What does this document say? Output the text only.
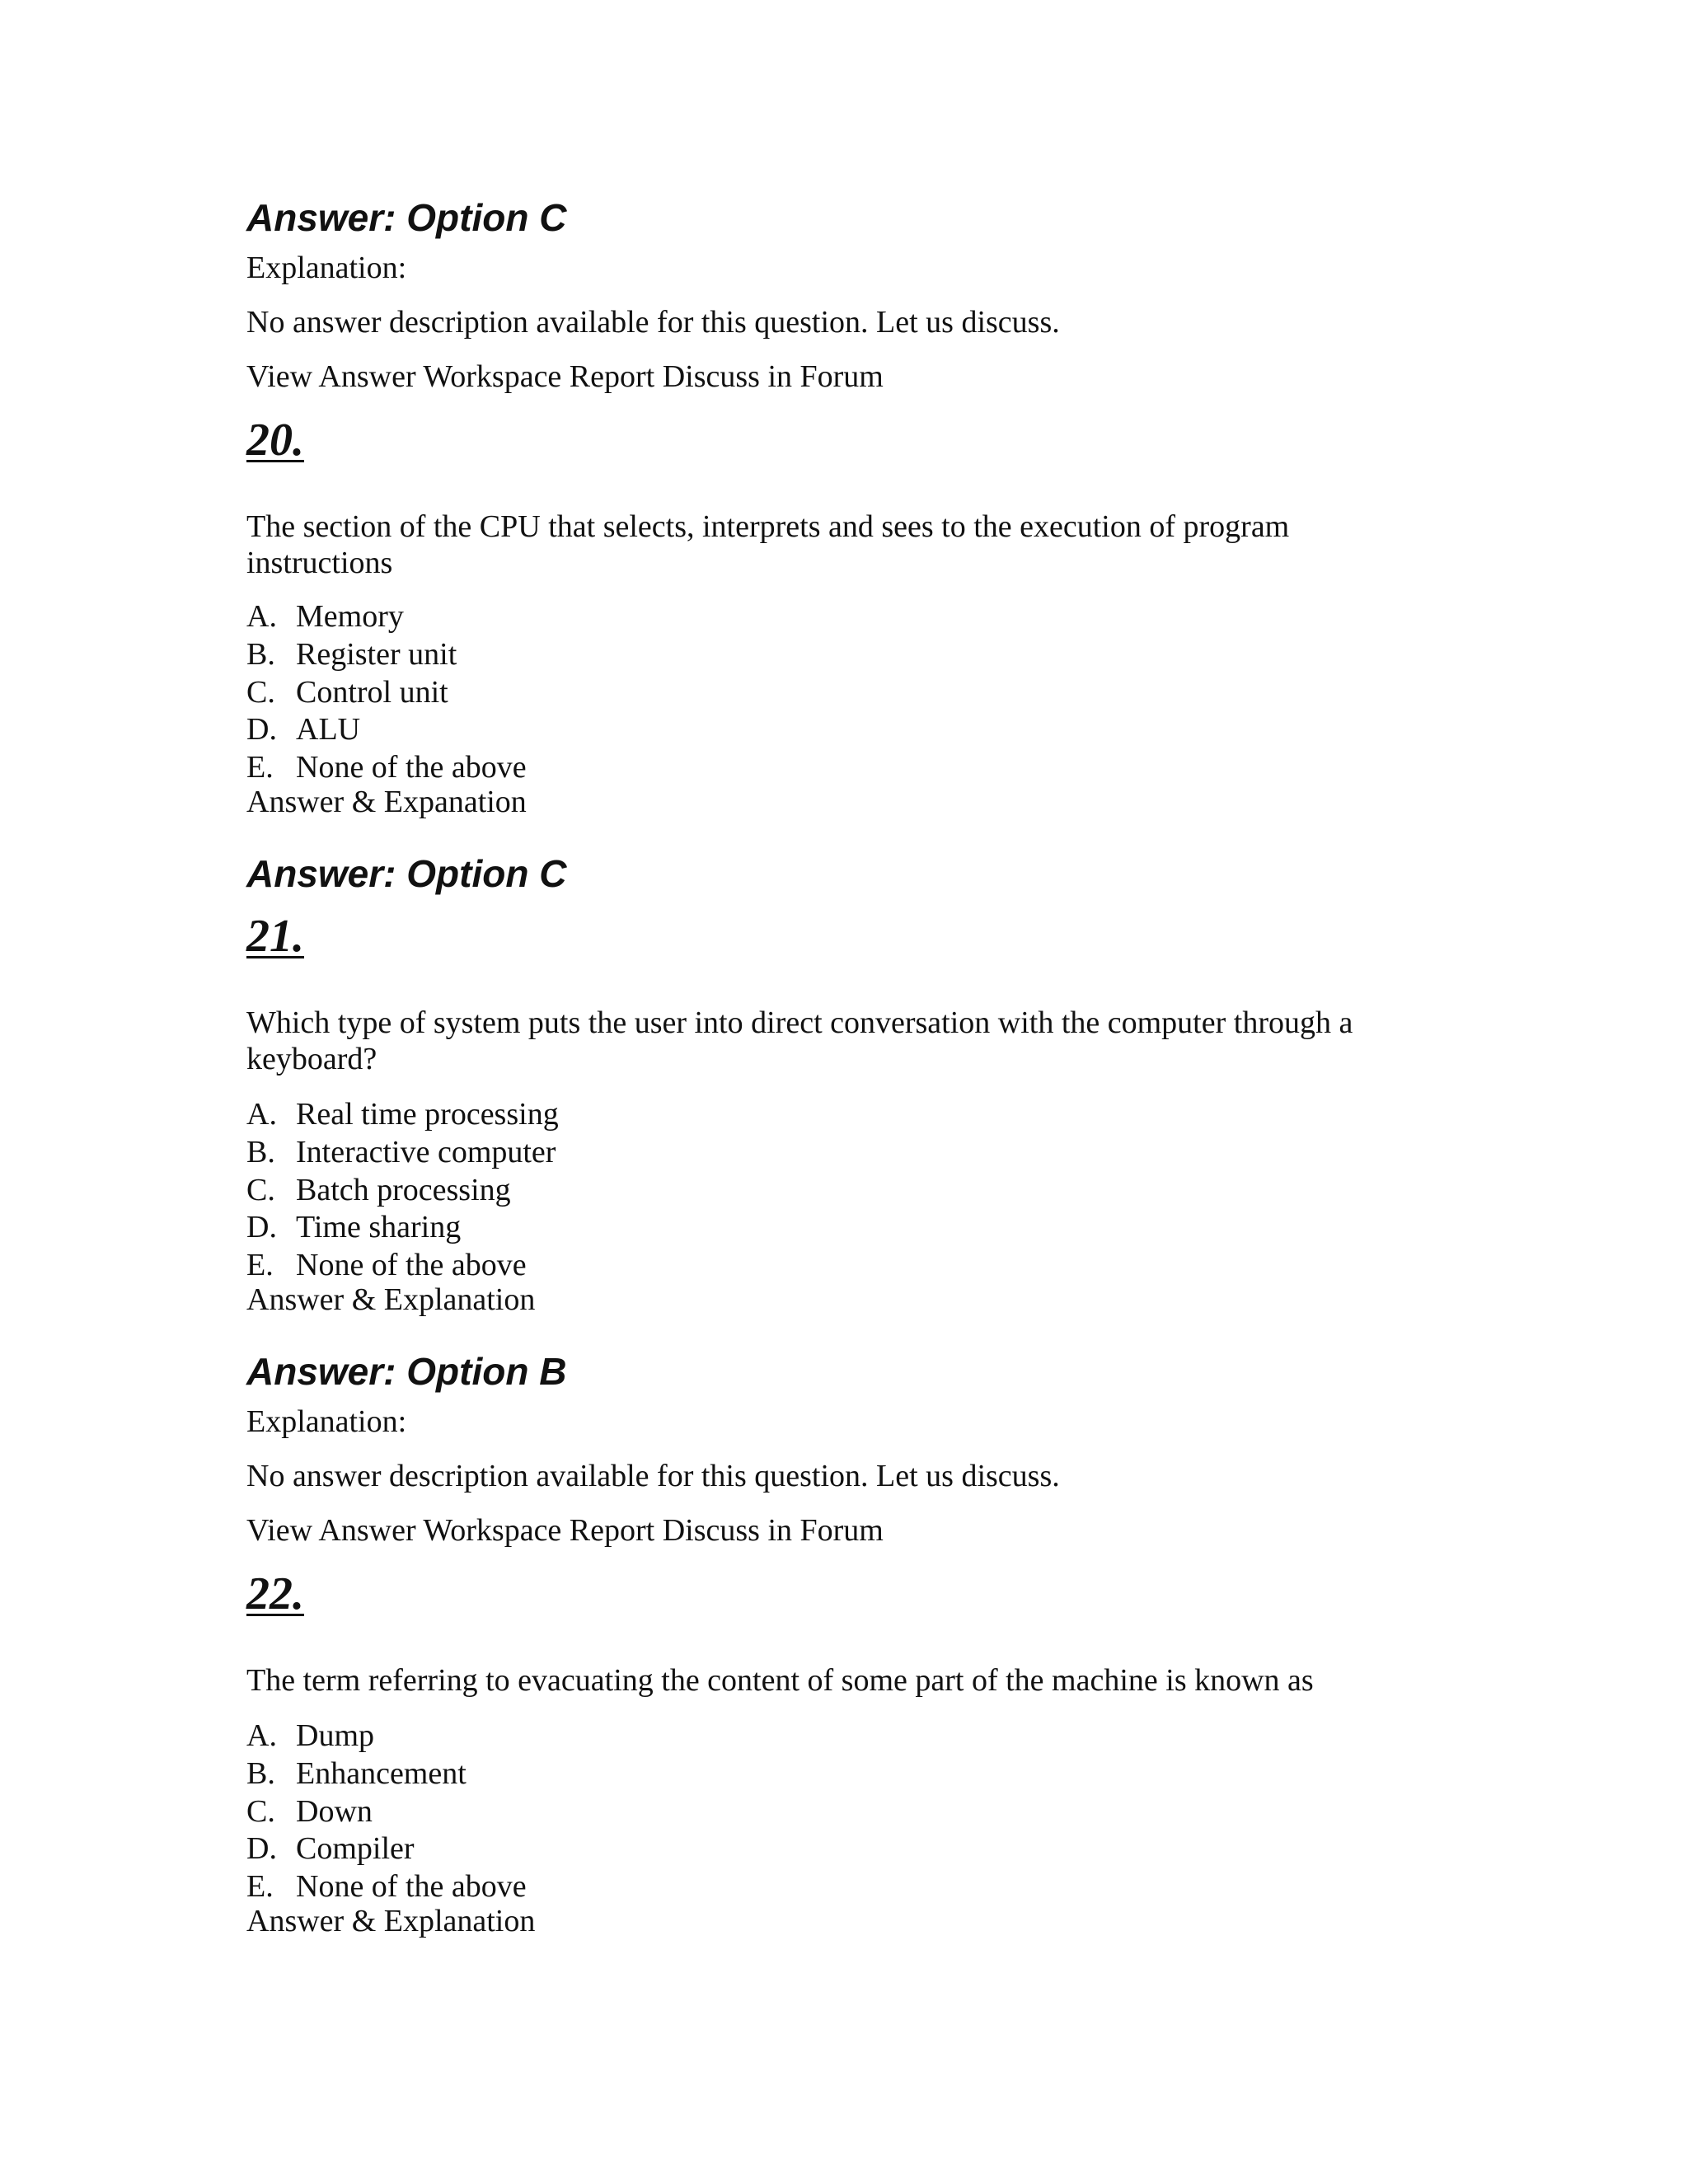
Answer: Option C
Explanation:
No answer description available for this question. Let us discuss.
View Answer Workspace Report Discuss in Forum
20.
The section of the CPU that selects, interprets and sees to the execution of program
instructions
A. Memory
B. Register unit
C. Control unit
D. ALU
E. None of the above
Answer & Expanation
Answer: Option C
21.
Which type of system puts the user into direct conversation with the computer through a
keyboard?
A. Real time processing
B. Interactive computer
C. Batch processing
D. Time sharing
E. None of the above
Answer & Explanation
Answer: Option B
Explanation:
No answer description available for this question. Let us discuss.
View Answer Workspace Report Discuss in Forum
22.
The term referring to evacuating the content of some part of the machine is known as
A. Dump
B. Enhancement
C. Down
D. Compiler
E. None of the above
Answer & Explanation
